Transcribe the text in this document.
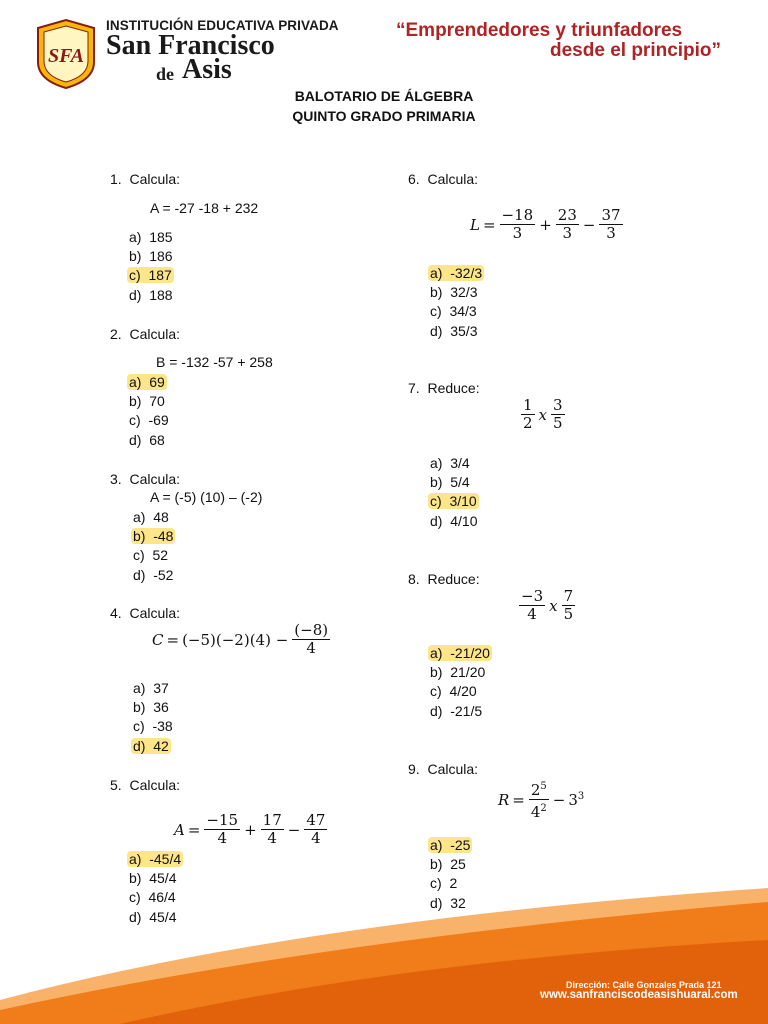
SFA
INSTITUCIÓN EDUCATIVA PRIVADA
San Francisco
de Asis
“Emprendedores y triunfadores
desde el principio”
BALOTARIO DE ÁLGEBRA
QUINTO GRADO PRIMARIA
1.  Calcula:
A = -27 -18 + 232
a)  185
b)  186
c)  187
d)  188
2.  Calcula:
B = -132 -57 + 258
a)  69
b)  70
c)  -69
d)  68
3.  Calcula:
A = (-5) (10) – (-2)
a)  48
b)  -48
c)  52
d)  -52
4.  Calcula:
$C = (-5)(-2)(4) - \frac{(-8)}{4}$
a)  37
b)  36
c)  -38
d)  42
5.  Calcula:
$A = \frac{-15}{4} + \frac{17}{4} - \frac{47}{4}$
a)  -45/4
b)  45/4
c)  46/4
d)  45/4
6.  Calcula:
$L = \frac{-18}{3} + \frac{23}{3} - \frac{37}{3}$
a)  -32/3
b)  32/3
c)  34/3
d)  35/3
7.  Reduce:
$\frac{1}{2}$ x $\frac{3}{5}$
a)  3/4
b)  5/4
c)  3/10
d)  4/10
8.  Reduce:
$\frac{-3}{4}$ x $\frac{7}{5}$
a)  -21/20
b)  21/20
c)  4/20
d)  -21/5
9.  Calcula:
$R = \frac{2^5}{4^2} - 3^3$
a)  -25
b)  25
c)  2
d)  32
Dirección: Calle Gonzales Prada 121
www.sanfranciscodeasishuaral.com
